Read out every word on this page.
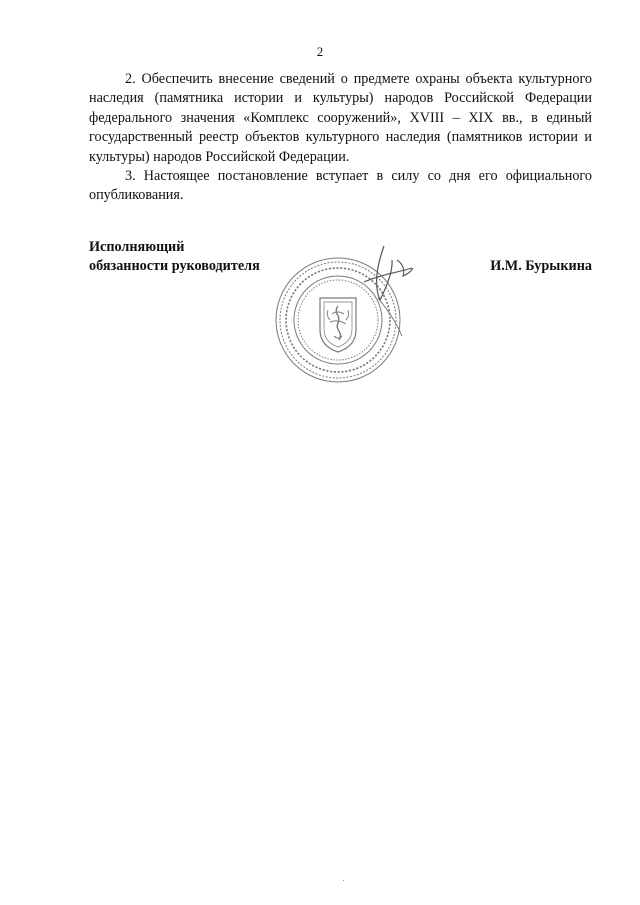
2

2. Обеспечить внесение сведений о предмете охраны объекта культурного наследия (памятника истории и культуры) народов Российской Федерации федерального значения «Комплекс сооружений», XVIII – XIX вв., в единый государственный реестр объектов культурного наследия (памятников истории и культуры) народов Российской Федерации.

3. Настоящее постановление вступает в силу со дня его официального опубликования.

Исполняющий
обязанности руководителя	И.М. Бурыкина
